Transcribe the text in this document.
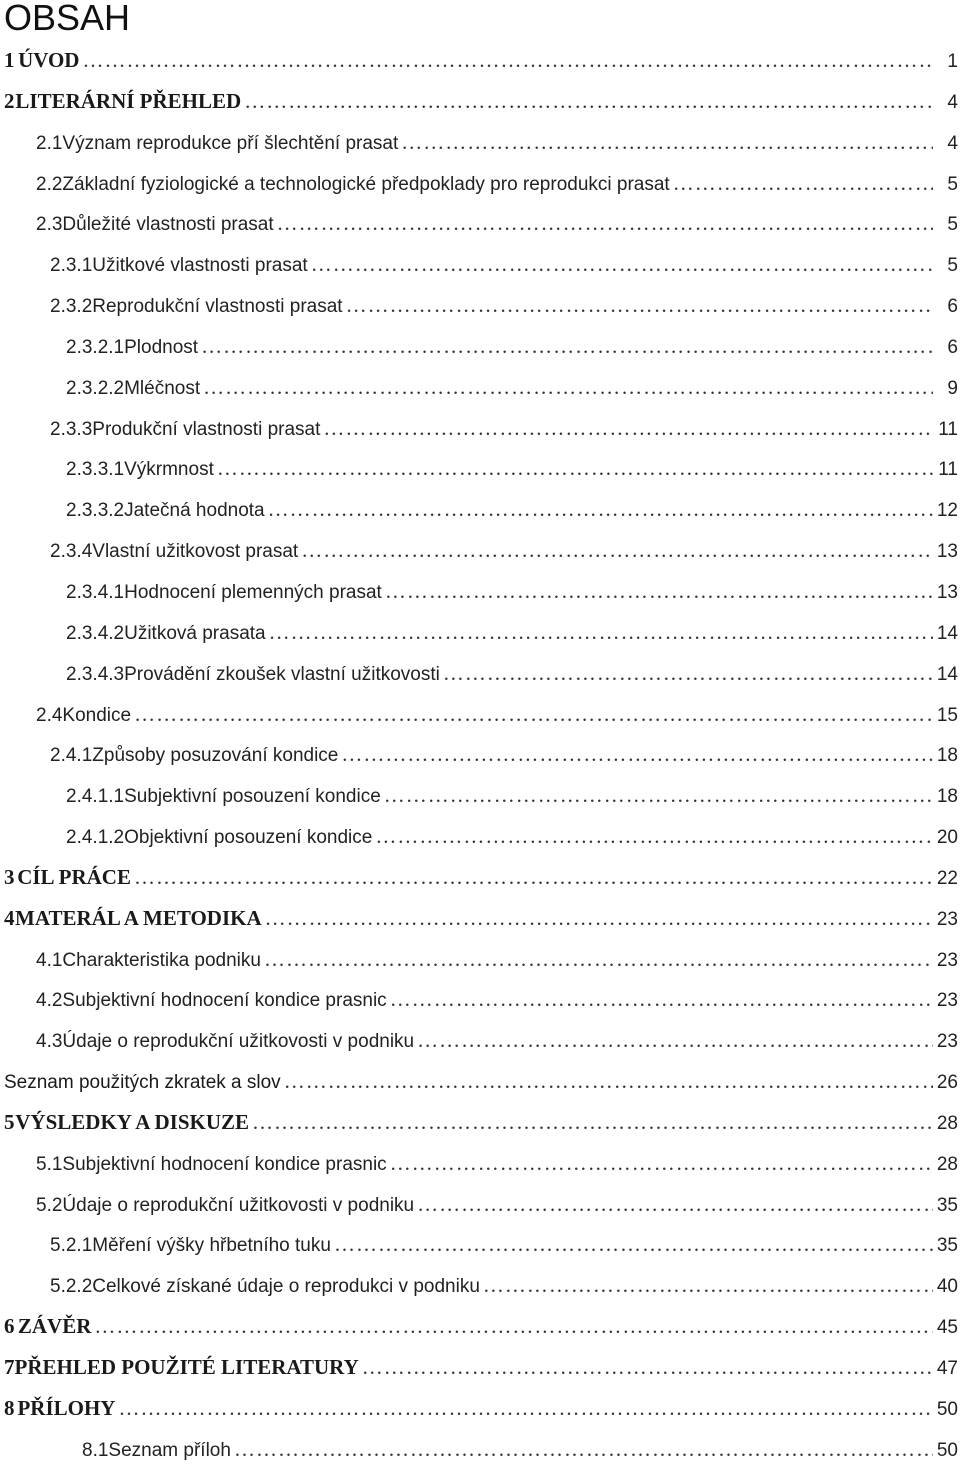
OBSAH
1 ÚVOD ………………………………………………………………………………………………………………………………………………………………………………	1
2 LITERÁRNÍ PŘEHLED ………………………………………………………………………………………………………………………………………………………………………………	4
2.1 Význam reprodukce pří šlechtění prasat ………………………………………………………………………………………………………………………………………………………………………………	4
2.2 Základní fyziologické a technologické předpoklady pro reprodukci prasat ………………………………………………………………………………………………………………………………………………………………………………	5
2.3 Důležité vlastnosti prasat ………………………………………………………………………………………………………………………………………………………………………………	5
2.3.1 Užitkové vlastnosti prasat ………………………………………………………………………………………………………………………………………………………………………………	5
2.3.2 Reprodukční vlastnosti prasat ………………………………………………………………………………………………………………………………………………………………………………	6
2.3.2.1 Plodnost ………………………………………………………………………………………………………………………………………………………………………………	6
2.3.2.2 Mléčnost ………………………………………………………………………………………………………………………………………………………………………………	9
2.3.3 Produkční vlastnosti prasat ………………………………………………………………………………………………………………………………………………………………………………	11
2.3.3.1 Výkrmnost ………………………………………………………………………………………………………………………………………………………………………………	11
2.3.3.2 Jatečná hodnota ………………………………………………………………………………………………………………………………………………………………………………	12
2.3.4 Vlastní užitkovost prasat ………………………………………………………………………………………………………………………………………………………………………………	13
2.3.4.1 Hodnocení plemenných prasat ………………………………………………………………………………………………………………………………………………………………………………	13
2.3.4.2 Užitková prasata ………………………………………………………………………………………………………………………………………………………………………………	14
2.3.4.3 Provádění zkoušek vlastní užitkovosti ………………………………………………………………………………………………………………………………………………………………………………	14
2.4 Kondice ………………………………………………………………………………………………………………………………………………………………………………	15
2.4.1 Způsoby posuzování kondice ………………………………………………………………………………………………………………………………………………………………………………	18
2.4.1.1 Subjektivní posouzení kondice ………………………………………………………………………………………………………………………………………………………………………………	18
2.4.1.2 Objektivní posouzení kondice ………………………………………………………………………………………………………………………………………………………………………………	20
3 CÍL PRÁCE ………………………………………………………………………………………………………………………………………………………………………………	22
4 MATERÁL A METODIKA ………………………………………………………………………………………………………………………………………………………………………………	23
4.1 Charakteristika podniku ………………………………………………………………………………………………………………………………………………………………………………	23
4.2 Subjektivní hodnocení kondice prasnic ………………………………………………………………………………………………………………………………………………………………………………	23
4.3 Údaje o reprodukční užitkovosti v podniku ………………………………………………………………………………………………………………………………………………………………………………	23
Seznam použitých zkratek a slov ………………………………………………………………………………………………………………………………………………………………………………	26
5 VÝSLEDKY A DISKUZE ………………………………………………………………………………………………………………………………………………………………………………	28
5.1 Subjektivní hodnocení kondice prasnic ………………………………………………………………………………………………………………………………………………………………………………	28
5.2 Údaje o reprodukční užitkovosti v podniku ………………………………………………………………………………………………………………………………………………………………………………	35
5.2.1 Měření výšky hřbetního tuku ………………………………………………………………………………………………………………………………………………………………………………	35
5.2.2 Celkové získané údaje o reprodukci v podniku ………………………………………………………………………………………………………………………………………………………………………………	40
6 ZÁVĚR ………………………………………………………………………………………………………………………………………………………………………………	45
7 PŘEHLED POUŽITÉ LITERATURY ………………………………………………………………………………………………………………………………………………………………………………	47
8 PŘÍLOHY ………………………………………………………………………………………………………………………………………………………………………………	50
8.1 Seznam příloh ………………………………………………………………………………………………………………………………………………………………………………	50
